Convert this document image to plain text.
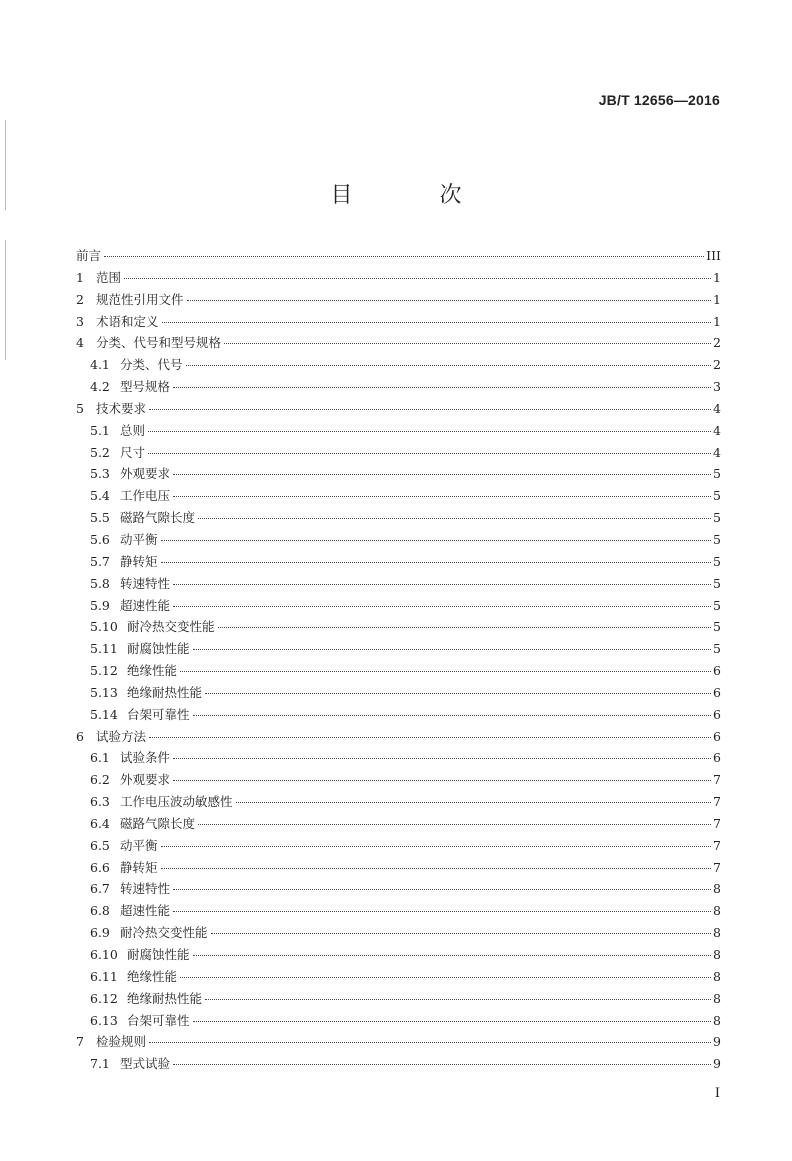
JB/T 12656—2016
目 次
前言	III
1 范围	1
2 规范性引用文件	1
3 术语和定义	1
4 分类、代号和型号规格	2
4.1 分类、代号	2
4.2 型号规格	3
5 技术要求	4
5.1 总则	4
5.2 尺寸	4
5.3 外观要求	5
5.4 工作电压	5
5.5 磁路气隙长度	5
5.6 动平衡	5
5.7 静转矩	5
5.8 转速特性	5
5.9 超速性能	5
5.10 耐冷热交变性能	5
5.11 耐腐蚀性能	5
5.12 绝缘性能	6
5.13 绝缘耐热性能	6
5.14 台架可靠性	6
6 试验方法	6
6.1 试验条件	6
6.2 外观要求	7
6.3 工作电压波动敏感性	7
6.4 磁路气隙长度	7
6.5 动平衡	7
6.6 静转矩	7
6.7 转速特性	8
6.8 超速性能	8
6.9 耐冷热交变性能	8
6.10 耐腐蚀性能	8
6.11 绝缘性能	8
6.12 绝缘耐热性能	8
6.13 台架可靠性	8
7 检验规则	9
7.1 型式试验	9
I
